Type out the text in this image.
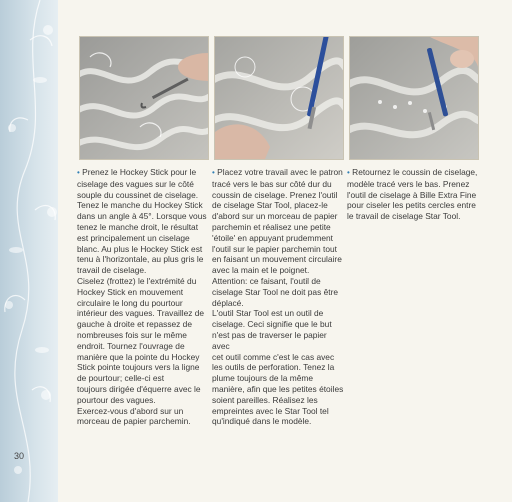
• Prenez le Hockey Stick pour le
ciselage des vagues sur le côté
souple du coussinet de ciselage.
Tenez le manche du Hockey Stick
dans un angle à 45°. Lorsque vous
tenez le manche droit, le résultat
est principalement un ciselage
blanc. Au plus le Hockey Stick est
tenu à l'horizontale, au plus gris le
travail de ciselage.
Ciselez (frottez) le l'extrémité du
Hockey Stick en mouvement
circulaire le long du pourtour
intérieur des vagues. Travaillez de
gauche à droite et repassez de
nombreuses fois sur le même
endroit. Tournez l'ouvrage de
manière que la pointe du Hockey
Stick pointe toujours vers la ligne
de pourtour; celle-ci est
toujours dirigée d'équerre avec le
pourtour des vagues.
Exercez-vous d'abord sur un
morceau de papier parchemin.

• Placez votre travail avec le patron
tracé vers le bas sur côté dur du
coussin de ciselage. Prenez l'outil
de ciselage Star Tool, placez-le
d'abord sur un morceau de papier
parchemin et réalisez une petite
'étoile' en appuyant prudemment
l'outil sur le papier parchemin tout
en faisant un mouvement circulaire
avec la main et le poignet.
Attention: ce faisant, l'outil de
ciselage Star Tool ne doit pas être
déplacé.
L'outil Star Tool est un outil de
ciselage. Ceci signifie que le but
n'est pas de traverser le papier avec
cet outil comme c'est le cas avec
les outils de perforation. Tenez la
plume toujours de la même
manière, afin que les petites étoiles
soient pareilles. Réalisez les
empreintes avec le Star Tool tel
qu'indiqué dans le modèle.

• Retournez le coussin de ciselage,
modèle tracé vers le bas. Prenez
l'outil de ciselage à Bille Extra Fine
pour ciseler les petits cercles entre
le travail de ciselage Star Tool.

30
